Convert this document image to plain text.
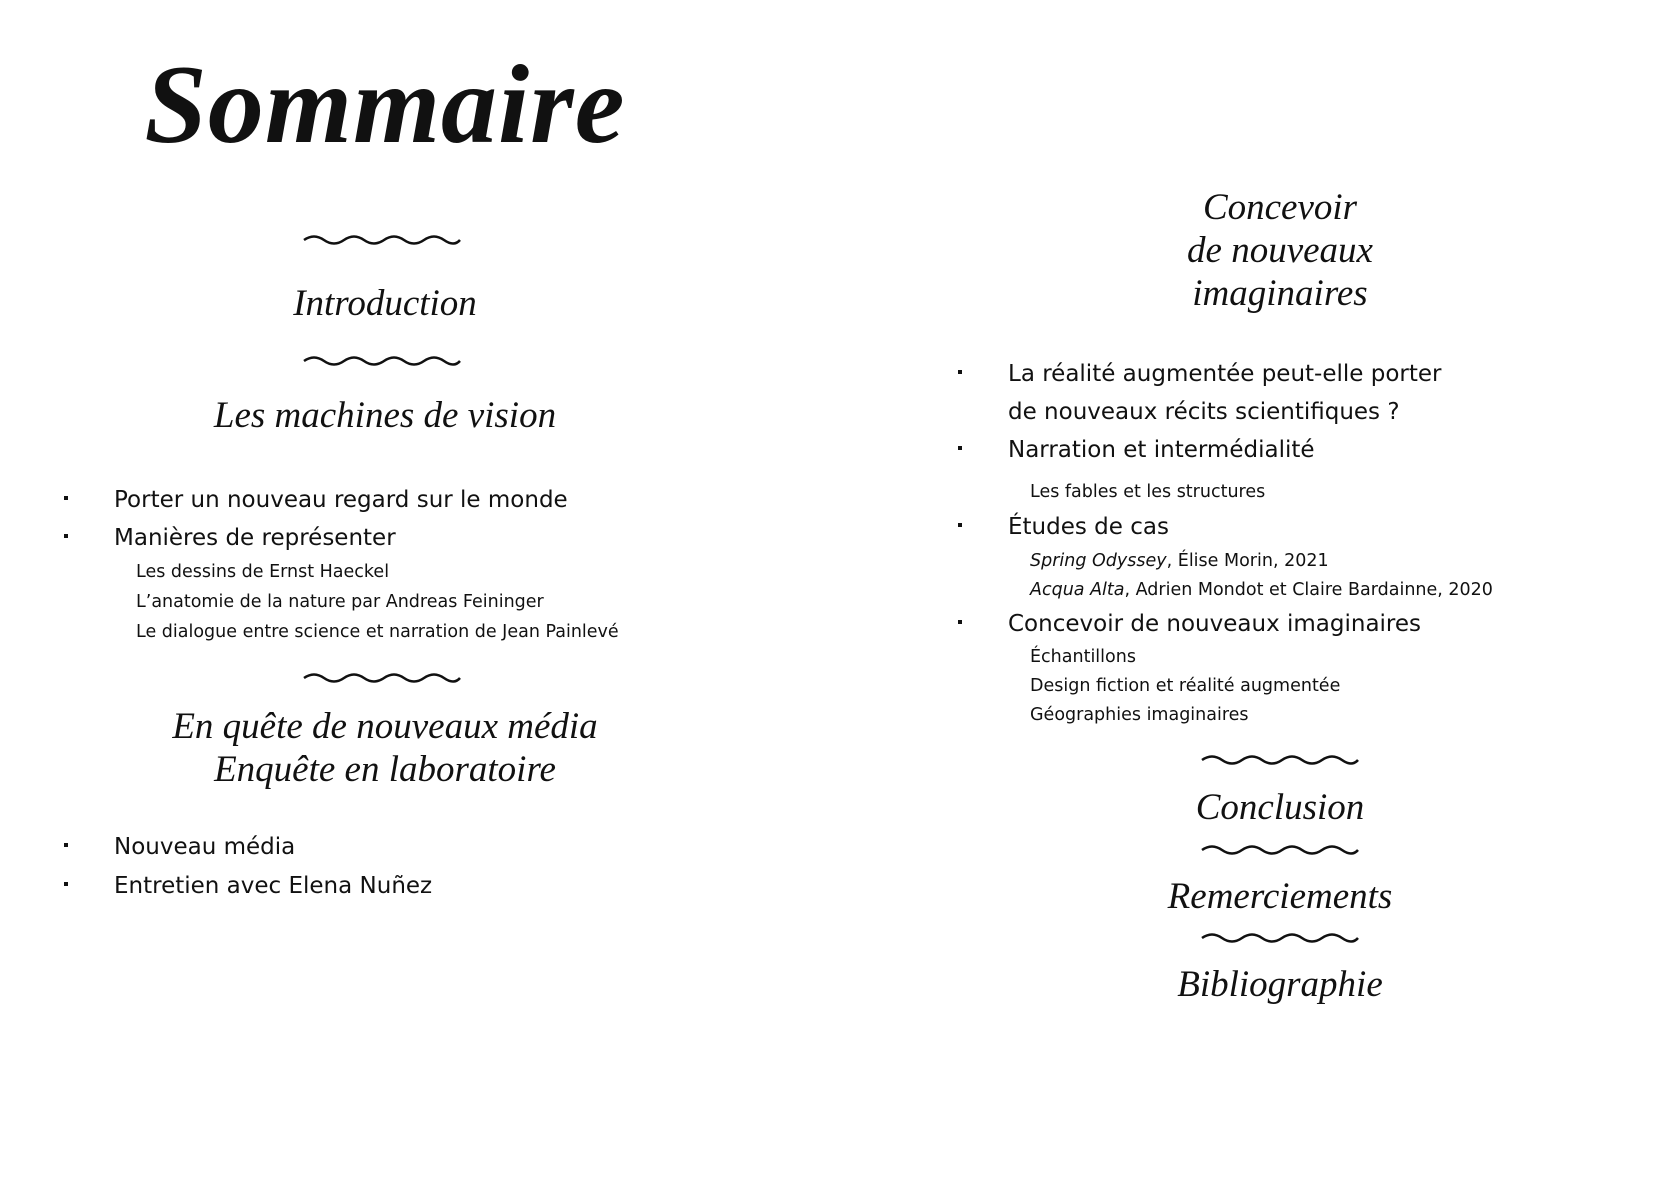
Sommaire
Introduction
Les machines de vision
Porter un nouveau regard sur le monde
Manières de représenter
Les dessins de Ernst Haeckel
L’anatomie de la nature par Andreas Feininger
Le dialogue entre science et narration de Jean Painlevé
En quête de nouveaux média
Enquête en laboratoire
Nouveau média
Entretien avec Elena Nuñez
Concevoir
de nouveaux
imaginaires
La réalité augmentée peut-elle porter
de nouveaux récits scientifiques ?
Narration et intermédialité
Les fables et les structures
Études de cas
Spring Odyssey, Élise Morin, 2021
Acqua Alta, Adrien Mondot et Claire Bardainne, 2020
Concevoir de nouveaux imaginaires
Échantillons
Design fiction et réalité augmentée
Géographies imaginaires
Conclusion
Remerciements
Bibliographie
